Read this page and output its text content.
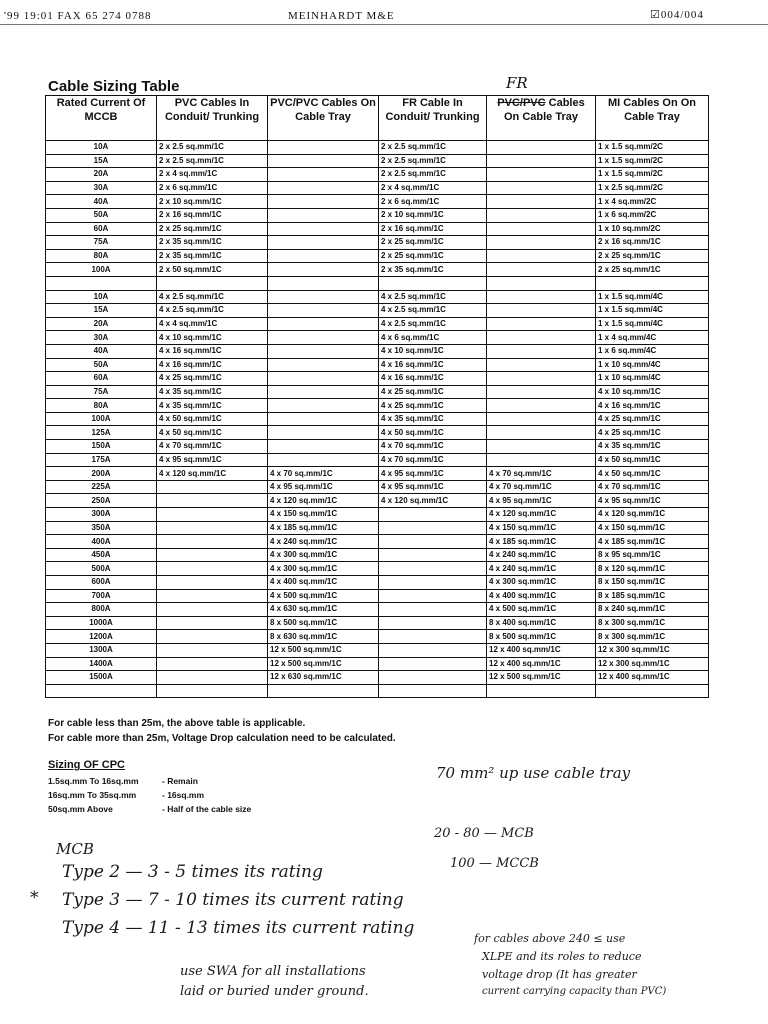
'99 19:01 FAX 65 274 0788	MEINHARDT M&E	☑004/004
FR
Cable Sizing Table
Rated Current Of MCCB	PVC Cables In Conduit/ Trunking	PVC/PVC Cables On Cable Tray	FR Cable In Conduit/ Trunking	PVC/PVC Cables On Cable Tray	MI Cables On On Cable Tray
10A	2 x 2.5 sq.mm/1C		2 x 2.5 sq.mm/1C		1 x 1.5 sq.mm/2C
15A	2 x 2.5 sq.mm/1C		2 x 2.5 sq.mm/1C		1 x 1.5 sq.mm/2C
20A	2 x 4 sq.mm/1C		2 x 2.5 sq.mm/1C		1 x 1.5 sq.mm/2C
30A	2 x 6 sq.mm/1C		2 x 4 sq.mm/1C		1 x 2.5 sq.mm/2C
40A	2 x 10 sq.mm/1C		2 x 6 sq.mm/1C		1 x 4 sq.mm/2C
50A	2 x 16 sq.mm/1C		2 x 10 sq.mm/1C		1 x 6 sq.mm/2C
60A	2 x 25 sq.mm/1C		2 x 16 sq.mm/1C		1 x 10 sq.mm/2C
75A	2 x 35 sq.mm/1C		2 x 25 sq.mm/1C		2 x 16 sq.mm/1C
80A	2 x 35 sq.mm/1C		2 x 25 sq.mm/1C		2 x 25 sq.mm/1C
100A	2 x 50 sq.mm/1C		2 x 35 sq.mm/1C		2 x 25 sq.mm/1C

10A	4 x 2.5 sq.mm/1C		4 x 2.5 sq.mm/1C		1 x 1.5 sq.mm/4C
15A	4 x 2.5 sq.mm/1C		4 x 2.5 sq.mm/1C		1 x 1.5 sq.mm/4C
20A	4 x 4 sq.mm/1C		4 x 2.5 sq.mm/1C		1 x 1.5 sq.mm/4C
30A	4 x 10 sq.mm/1C		4 x 6 sq.mm/1C		1 x 4 sq.mm/4C
40A	4 x 16 sq.mm/1C		4 x 10 sq.mm/1C		1 x 6 sq.mm/4C
50A	4 x 16 sq.mm/1C		4 x 16 sq.mm/1C		1 x 10 sq.mm/4C
60A	4 x 25 sq.mm/1C		4 x 16 sq.mm/1C		1 x 10 sq.mm/4C
75A	4 x 35 sq.mm/1C		4 x 25 sq.mm/1C		4 x 10 sq.mm/1C
80A	4 x 35 sq.mm/1C		4 x 25 sq.mm/1C		4 x 16 sq.mm/1C
100A	4 x 50 sq.mm/1C		4 x 35 sq.mm/1C		4 x 25 sq.mm/1C
125A	4 x 50 sq.mm/1C		4 x 50 sq.mm/1C		4 x 25 sq.mm/1C
150A	4 x 70 sq.mm/1C		4 x 70 sq.mm/1C		4 x 35 sq.mm/1C
175A	4 x 95 sq.mm/1C		4 x 70 sq.mm/1C		4 x 50 sq.mm/1C
200A	4 x 120 sq.mm/1C	4 x 70 sq.mm/1C	4 x 95 sq.mm/1C	4 x 70 sq.mm/1C	4 x 50 sq.mm/1C
225A		4 x 95 sq.mm/1C	4 x 95 sq.mm/1C	4 x 70 sq.mm/1C	4 x 70 sq.mm/1C
250A		4 x 120 sq.mm/1C	4 x 120 sq.mm/1C	4 x 95 sq.mm/1C	4 x 95 sq.mm/1C
300A		4 x 150 sq.mm/1C		4 x 120 sq.mm/1C	4 x 120 sq.mm/1C
350A		4 x 185 sq.mm/1C		4 x 150 sq.mm/1C	4 x 150 sq.mm/1C
400A		4 x 240 sq.mm/1C		4 x 185 sq.mm/1C	4 x 185 sq.mm/1C
450A		4 x 300 sq.mm/1C		4 x 240 sq.mm/1C	8 x 95 sq.mm/1C
500A		4 x 300 sq.mm/1C		4 x 240 sq.mm/1C	8 x 120 sq.mm/1C
600A		4 x 400 sq.mm/1C		4 x 300 sq.mm/1C	8 x 150 sq.mm/1C
700A		4 x 500 sq.mm/1C		4 x 400 sq.mm/1C	8 x 185 sq.mm/1C
800A		4 x 630 sq.mm/1C		4 x 500 sq.mm/1C	8 x 240 sq.mm/1C
1000A		8 x 500 sq.mm/1C		8 x 400 sq.mm/1C	8 x 300 sq.mm/1C
1200A		8 x 630 sq.mm/1C		8 x 500 sq.mm/1C	8 x 300 sq.mm/1C
1300A		12 x 500 sq.mm/1C		12 x 400 sq.mm/1C	12 x 300 sq.mm/1C
1400A		12 x 500 sq.mm/1C		12 x 400 sq.mm/1C	12 x 300 sq.mm/1C
1500A		12 x 630 sq.mm/1C		12 x 500 sq.mm/1C	12 x 400 sq.mm/1C

For cable less than 25m, the above table is applicable.
For cable more than 25m, Voltage Drop calculation need to be calculated.
Sizing OF CPC
1.5sq.mm To 16sq.mm	- Remain
16sq.mm To 35sq.mm	- 16sq.mm
50sq.mm Above	- Half of the cable size
70 mm² up use cable tray
20 - 80 — MCB
100 — MCCB
MCB
Type 2 — 3 - 5 times its rating
* Type 3 — 7 - 10 times its current rating
Type 4 — 11 - 13 times its current rating
use SWA for all installations
laid or buried under ground.
for cables above 240 ≤ use
XLPE and its roles to reduce
voltage drop (It has greater
current carrying capacity than PVC)
